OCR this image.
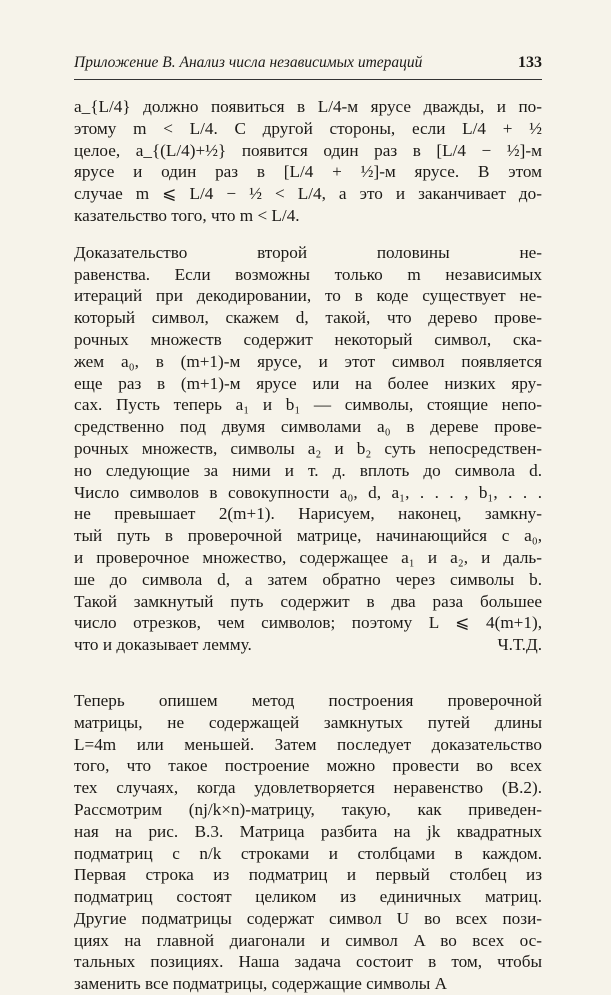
Приложение В. Анализ числа независимых итераций	133
a_{L/4} должно появиться в L/4-м ярусе дважды, и по-
этому m < L/4. С другой стороны, если L/4 + ½
целое, a_{(L/4)+½} появится один раз в [L/4 − ½]-м
ярусе и один раз в [L/4 + ½]-м ярусе. В этом
случае m ⩽ L/4 − ½ < L/4, а это и заканчивает до-
казательство того, что m < L/4.
Доказательство второй половины не-
равенства. Если возможны только m независимых
итераций при декодировании, то в коде существует не-
который символ, скажем d, такой, что дерево прове-
рочных множеств содержит некоторый символ, ска-
жем a₀, в (m+1)-м ярусе, и этот символ появляется
еще раз в (m+1)-м ярусе или на более низких яру-
сах. Пусть теперь a₁ и b₁ — символы, стоящие непо-
средственно под двумя символами a₀ в дереве прове-
рочных множеств, символы a₂ и b₂ суть непосредствен-
но следующие за ними и т. д. вплоть до символа d.
Число символов в совокупности a₀, d, a₁, . . . , b₁, . . .
не превышает 2(m+1). Нарисуем, наконец, замкну-
тый путь в проверочной матрице, начинающийся с a₀,
и проверочное множество, содержащее a₁ и a₂, и даль-
ше до символа d, а затем обратно через символы b.
Такой замкнутый путь содержит в два раза большее
число отрезков, чем символов; поэтому L ⩽ 4(m+1),
что и доказывает лемму.	Ч.Т.Д.
Теперь опишем метод построения проверочной
матрицы, не содержащей замкнутых путей длины
L=4m или меньшей. Затем последует доказательство
того, что такое построение можно провести во всех
тех случаях, когда удовлетворяется неравенство (В.2).
Рассмотрим (nj/k×n)-матрицу, такую, как приведен-
ная на рис. В.3. Матрица разбита на jk квадратных
подматриц с n/k строками и столбцами в каждом.
Первая строка из подматриц и первый столбец из
подматриц состоят целиком из единичных матриц.
Другие подматрицы содержат символ U во всех пози-
циях на главной диагонали и символ A во всех ос-
тальных позициях. Наша задача состоит в том, чтобы
заменить все подматрицы, содержащие символы A
